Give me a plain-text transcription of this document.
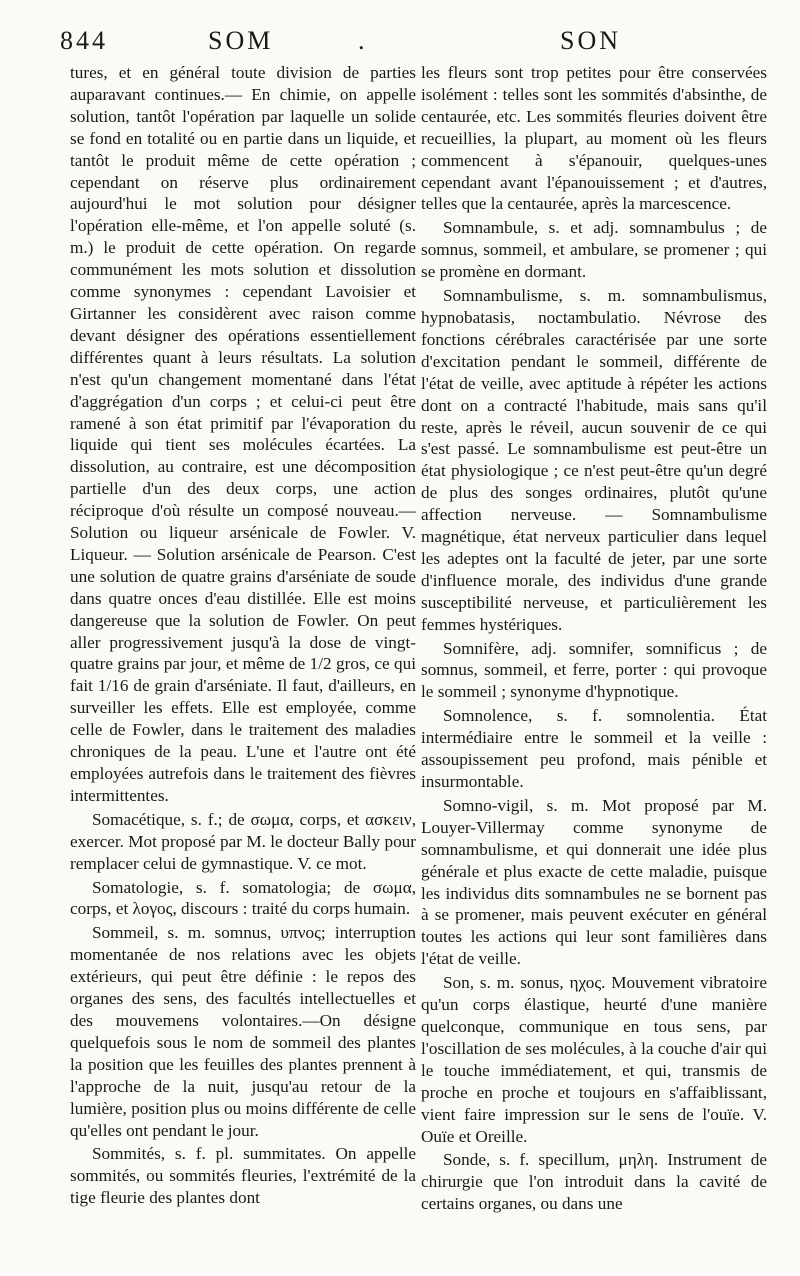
844	SOM	.	SON

tures, et en général toute division de parties auparavant continues.— En chimie, on appelle solution, tantôt l'opération par laquelle un solide se fond en totalité ou en partie dans un liquide, et tantôt le produit même de cette opération ; cependant on réserve plus ordinairement aujourd'hui le mot solution pour désigner l'opération elle-même, et l'on appelle soluté (s. m.) le produit de cette opération. On regarde communément les mots solution et dissolution comme synonymes : cependant Lavoisier et Girtanner les considèrent avec raison comme devant désigner des opérations essentiellement différentes quant à leurs résultats. La solution n'est qu'un changement momentané dans l'état d'aggrégation d'un corps ; et celui-ci peut être ramené à son état primitif par l'évaporation du liquide qui tient ses molécules écartées. La dissolution, au contraire, est une décomposition partielle d'un des deux corps, une action réciproque d'où résulte un composé nouveau.—Solution ou liqueur arsénicale de Fowler. V. Liqueur. — Solution arsénicale de Pearson. C'est une solution de quatre grains d'arséniate de soude dans quatre onces d'eau distillée. Elle est moins dangereuse que la solution de Fowler. On peut aller progressivement jusqu'à la dose de vingt-quatre grains par jour, et même de 1/2 gros, ce qui fait 1/16 de grain d'arséniate. Il faut, d'ailleurs, en surveiller les effets. Elle est employée, comme celle de Fowler, dans le traitement des maladies chroniques de la peau. L'une et l'autre ont été employées autrefois dans le traitement des fièvres intermittentes.

Somacétique, s. f.; de σωμα, corps, et ασκειν, exercer. Mot proposé par M. le docteur Bally pour remplacer celui de gymnastique. V. ce mot.

Somatologie, s. f. somatologia; de σωμα, corps, et λογος, discours : traité du corps humain.

Sommeil, s. m. somnus, υπνος; interruption momentanée de nos relations avec les objets extérieurs, qui peut être définie : le repos des organes des sens, des facultés intellectuelles et des mouvemens volontaires.—On désigne quelquefois sous le nom de sommeil des plantes la position que les feuilles des plantes prennent à l'approche de la nuit, jusqu'au retour de la lumière, position plus ou moins différente de celle qu'elles ont pendant le jour.

Sommités, s. f. pl. summitates. On appelle sommités, ou sommités fleuries, l'extrémité de la tige fleurie des plantes dont

les fleurs sont trop petites pour être conservées isolément : telles sont les sommités d'absinthe, de centaurée, etc. Les sommités fleuries doivent être recueillies, la plupart, au moment où les fleurs commencent à s'épanouir, quelques-unes cependant avant l'épanouissement ; et d'autres, telles que la centaurée, après la marcescence.

Somnambule, s. et adj. somnambulus ; de somnus, sommeil, et ambulare, se promener ; qui se promène en dormant.

Somnambulisme, s. m. somnambulismus, hypnobatasis, noctambulatio. Névrose des fonctions cérébrales caractérisée par une sorte d'excitation pendant le sommeil, différente de l'état de veille, avec aptitude à répéter les actions dont on a contracté l'habitude, mais sans qu'il reste, après le réveil, aucun souvenir de ce qui s'est passé. Le somnambulisme est peut-être un état physiologique ; ce n'est peut-être qu'un degré de plus des songes ordinaires, plutôt qu'une affection nerveuse. — Somnambulisme magnétique, état nerveux particulier dans lequel les adeptes ont la faculté de jeter, par une sorte d'influence morale, des individus d'une grande susceptibilité nerveuse, et particulièrement les femmes hystériques.

Somnifère, adj. somnifer, somnificus ; de somnus, sommeil, et ferre, porter : qui provoque le sommeil ; synonyme d'hypnotique.

Somnolence, s. f. somnolentia. État intermédiaire entre le sommeil et la veille : assoupissement peu profond, mais pénible et insurmontable.

Somno-vigil, s. m. Mot proposé par M. Louyer-Villermay comme synonyme de somnambulisme, et qui donnerait une idée plus générale et plus exacte de cette maladie, puisque les individus dits somnambules ne se bornent pas à se promener, mais peuvent exécuter en général toutes les actions qui leur sont familières dans l'état de veille.

Son, s. m. sonus, ηχος. Mouvement vibratoire qu'un corps élastique, heurté d'une manière quelconque, communique en tous sens, par l'oscillation de ses molécules, à la couche d'air qui le touche immédiatement, et qui, transmis de proche en proche et toujours en s'affaiblissant, vient faire impression sur le sens de l'ouïe. V. Ouïe et Oreille.

Sonde, s. f. specillum, μηλη. Instrument de chirurgie que l'on introduit dans la cavité de certains organes, ou dans une
